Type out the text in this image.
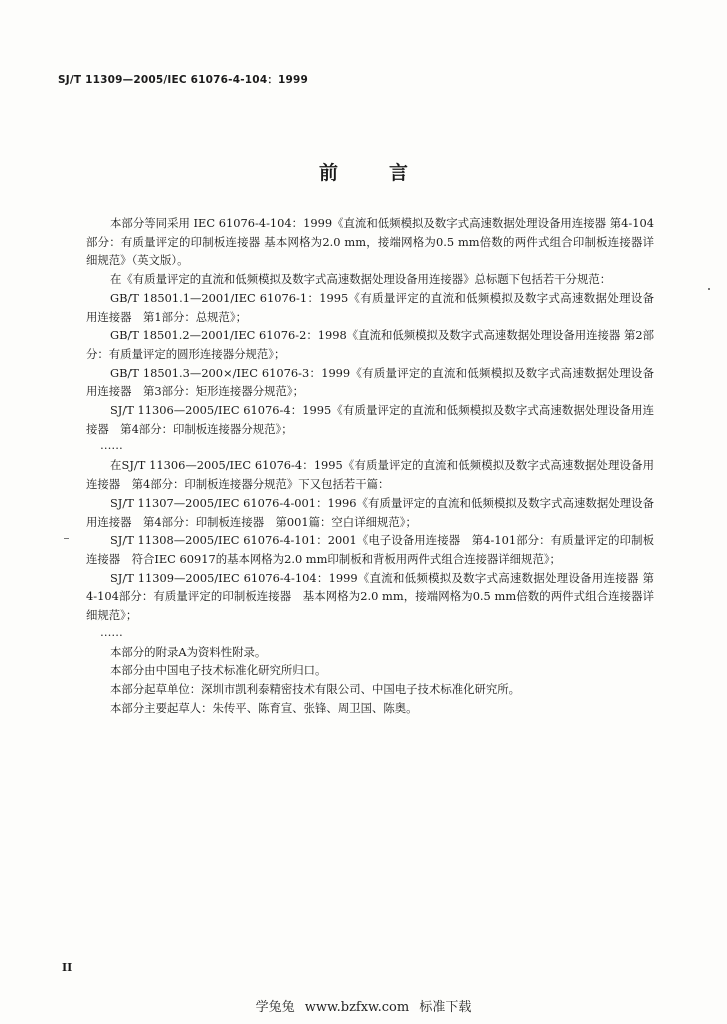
SJ/T 11309—2005/IEC 61076-4-104：1999
前	言

本部分等同采用 IEC 61076-4-104：1999《直流和低频模拟及数字式高速数据处理设备用连接器 第4-104部分：有质量评定的印制板连接器 基本网格为2.0 mm，接端网格为0.5 mm倍数的两件式组合印制板连接器详细规范》（英文版）。

在《有质量评定的直流和低频模拟及数字式高速数据处理设备用连接器》总标题下包括若干分规范：

GB/T 18501.1—2001/IEC 61076-1：1995《有质量评定的直流和低频模拟及数字式高速数据处理设备用连接器　第1部分：总规范》；

GB/T 18501.2—2001/IEC 61076-2：1998《直流和低频模拟及数字式高速数据处理设备用连接器 第2部分：有质量评定的圆形连接器分规范》；

GB/T 18501.3—200×/IEC 61076-3：1999《有质量评定的直流和低频模拟及数字式高速数据处理设备用连接器　第3部分：矩形连接器分规范》；

SJ/T 11306—2005/IEC 61076-4：1995《有质量评定的直流和低频模拟及数字式高速数据处理设备用连接器　第4部分：印制板连接器分规范》；

……

在SJ/T 11306—2005/IEC 61076-4：1995《有质量评定的直流和低频模拟及数字式高速数据处理设备用连接器　第4部分：印制板连接器分规范》下又包括若干篇：

SJ/T 11307—2005/IEC 61076-4-001：1996《有质量评定的直流和低频模拟及数字式高速数据处理设备用连接器　第4部分：印制板连接器　第001篇：空白详细规范》；

SJ/T 11308—2005/IEC 61076-4-101：2001《电子设备用连接器　第4-101部分：有质量评定的印制板连接器　符合IEC 60917的基本网格为2.0 mm印制板和背板用两件式组合连接器详细规范》；

SJ/T 11309—2005/IEC 61076-4-104：1999《直流和低频模拟及数字式高速数据处理设备用连接器 第4-104部分：有质量评定的印制板连接器　基本网格为2.0 mm，接端网格为0.5 mm倍数的两件式组合连接器详细规范》；

……

本部分的附录A为资料性附录。

本部分由中国电子技术标准化研究所归口。

本部分起草单位：深圳市凯利泰精密技术有限公司、中国电子技术标准化研究所。

本部分主要起草人：朱传平、陈育宣、张锋、周卫国、陈奥。

II
学兔兔 www.bzfxw.com 标准下载
